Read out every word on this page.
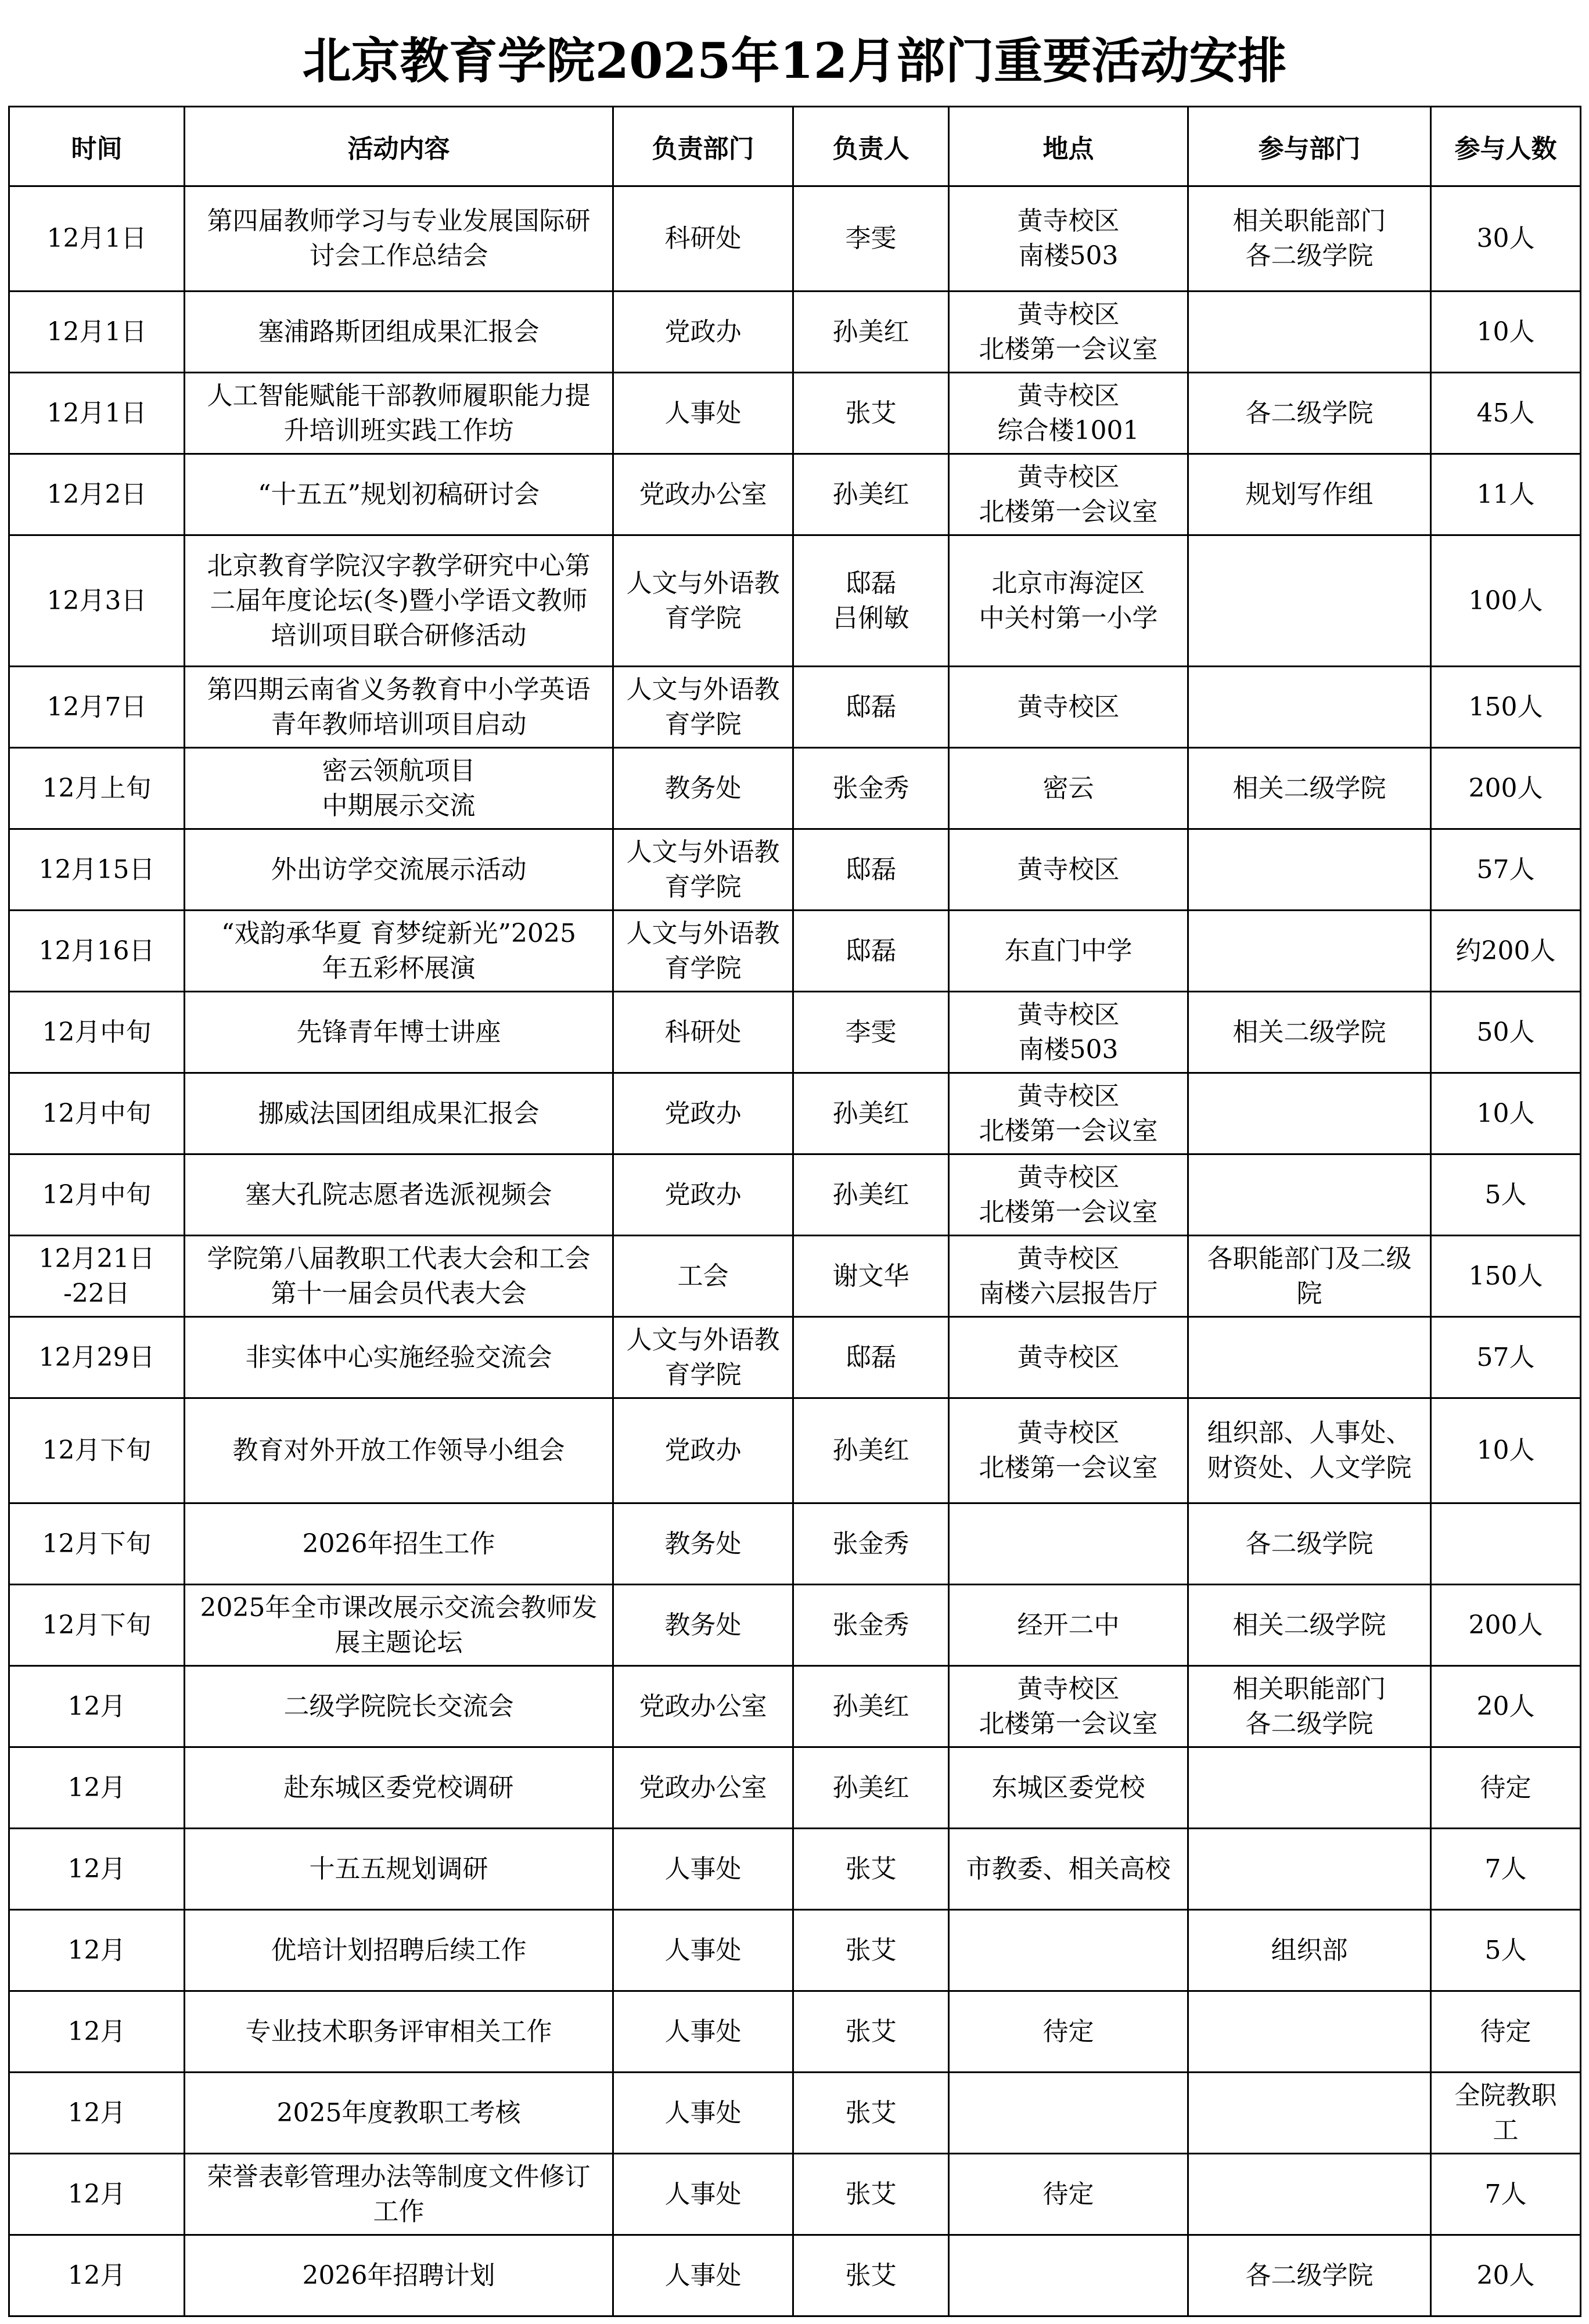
北京教育学院2025年12月部门重要活动安排
时间	活动内容	负责部门	负责人	地点	参与部门	参与人数

12月1日	第四届教师学习与专业发展国际研
讨会工作总结会	科研处	李雯	黄寺校区
南楼503	相关职能部门
各二级学院	30人

12月1日	塞浦路斯团组成果汇报会	党政办	孙美红	黄寺校区
北楼第一会议室		10人

12月1日	人工智能赋能干部教师履职能力提
升培训班实践工作坊	人事处	张艾	黄寺校区
综合楼1001	各二级学院	45人

12月2日	“十五五”规划初稿研讨会	党政办公室	孙美红	黄寺校区
北楼第一会议室	规划写作组	11人

12月3日	北京教育学院汉字教学研究中心第
二届年度论坛(冬)暨小学语文教师
培训项目联合研修活动	人文与外语教
育学院	邸磊
吕俐敏	北京市海淀区
中关村第一小学		100人

12月7日	第四期云南省义务教育中小学英语
青年教师培训项目启动	人文与外语教
育学院	邸磊	黄寺校区		150人

12月上旬	密云领航项目
中期展示交流	教务处	张金秀	密云	相关二级学院	200人

12月15日	外出访学交流展示活动	人文与外语教
育学院	邸磊	黄寺校区		57人

12月16日	“戏韵承华夏 育梦绽新光”2025
年五彩杯展演	人文与外语教
育学院	邸磊	东直门中学		约200人

12月中旬	先锋青年博士讲座	科研处	李雯	黄寺校区
南楼503	相关二级学院	50人

12月中旬	挪威法国团组成果汇报会	党政办	孙美红	黄寺校区
北楼第一会议室		10人

12月中旬	塞大孔院志愿者选派视频会	党政办	孙美红	黄寺校区
北楼第一会议室		5人

12月21日
-22日	学院第八届教职工代表大会和工会
第十一届会员代表大会	工会	谢文华	黄寺校区
南楼六层报告厅	各职能部门及二级
院	150人

12月29日	非实体中心实施经验交流会	人文与外语教
育学院	邸磊	黄寺校区		57人

12月下旬	教育对外开放工作领导小组会	党政办	孙美红	黄寺校区
北楼第一会议室	组织部、人事处、
财资处、人文学院	10人

12月下旬	2026年招生工作	教务处	张金秀		各二级学院	

12月下旬	2025年全市课改展示交流会教师发
展主题论坛	教务处	张金秀	经开二中	相关二级学院	200人

12月	二级学院院长交流会	党政办公室	孙美红	黄寺校区
北楼第一会议室	相关职能部门
各二级学院	20人

12月	赴东城区委党校调研	党政办公室	孙美红	东城区委党校		待定

12月	十五五规划调研	人事处	张艾	市教委、相关高校		7人

12月	优培计划招聘后续工作	人事处	张艾		组织部	5人

12月	专业技术职务评审相关工作	人事处	张艾	待定		待定

12月	2025年度教职工考核	人事处	张艾			全院教职
工

12月	荣誉表彰管理办法等制度文件修订
工作	人事处	张艾	待定		7人

12月	2026年招聘计划	人事处	张艾		各二级学院	20人
